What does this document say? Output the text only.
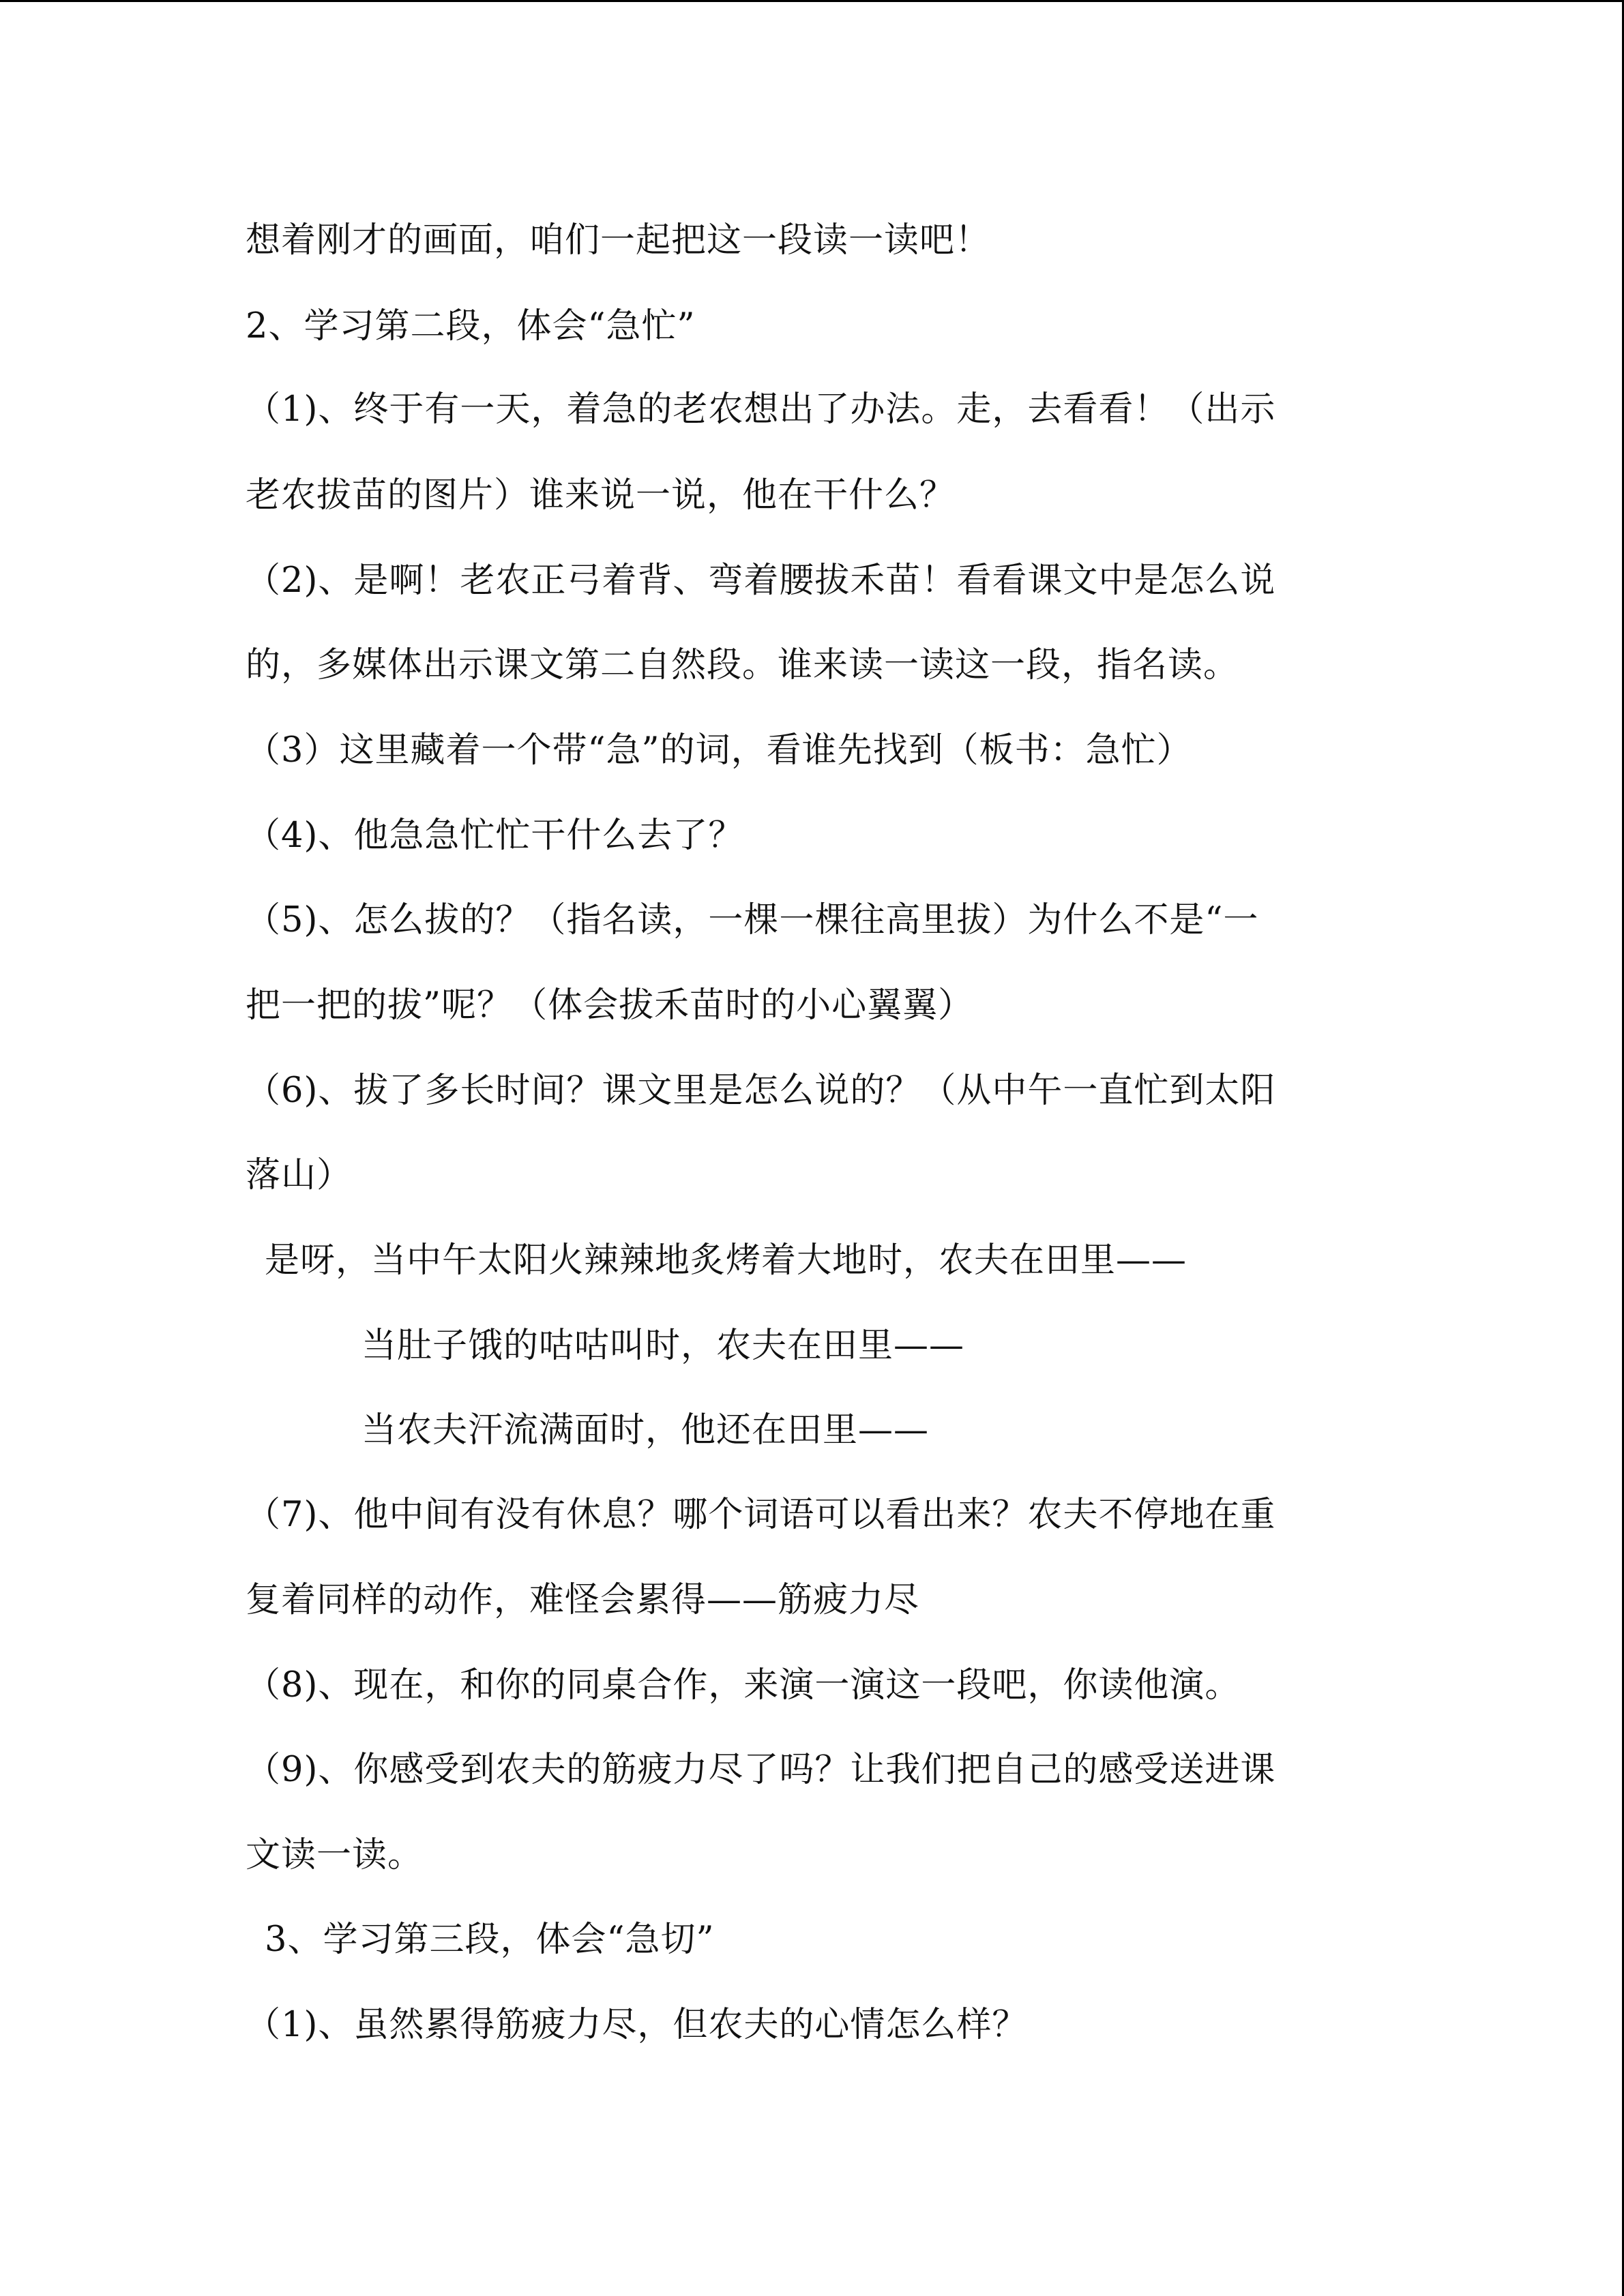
想着刚才的画面，咱们一起把这一段读一读吧！
2、学习第二段，体会“急忙”
（1)、终于有一天，着急的老农想出了办法。走，去看看！（出示
老农拔苗的图片）谁来说一说，他在干什么？
（2)、是啊！老农正弓着背、弯着腰拔禾苗！看看课文中是怎么说
的，多媒体出示课文第二自然段。谁来读一读这一段，指名读。
（3）这里藏着一个带“急”的词，看谁先找到（板书：急忙）
（4)、他急急忙忙干什么去了？
（5)、怎么拔的？（指名读，一棵一棵往高里拔）为什么不是“一
把一把的拔”呢？（体会拔禾苗时的小心翼翼）
（6)、拔了多长时间？课文里是怎么说的？（从中午一直忙到太阳
落山）
是呀，当中午太阳火辣辣地炙烤着大地时，农夫在田里——
当肚子饿的咕咕叫时，农夫在田里——
当农夫汗流满面时，他还在田里——
（7)、他中间有没有休息？哪个词语可以看出来？农夫不停地在重
复着同样的动作，难怪会累得——筋疲力尽
（8)、现在，和你的同桌合作，来演一演这一段吧，你读他演。
（9)、你感受到农夫的筋疲力尽了吗？让我们把自己的感受送进课
文读一读。
3、学习第三段，体会“急切”
（1)、虽然累得筋疲力尽，但农夫的心情怎么样？
